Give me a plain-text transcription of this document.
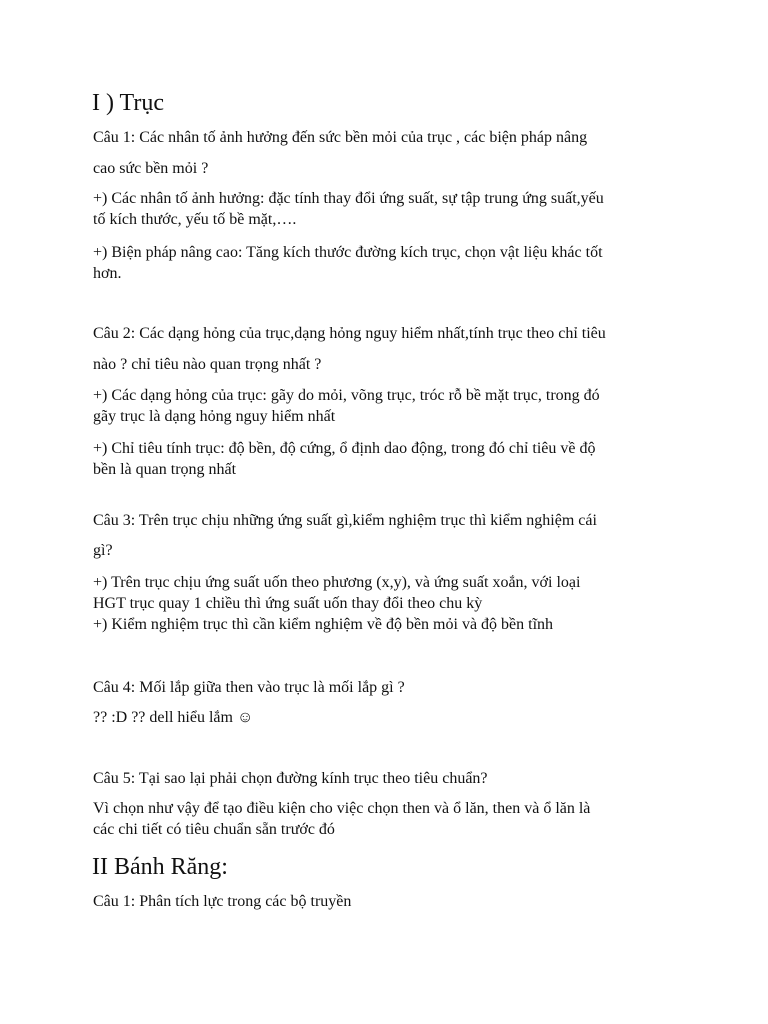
I ) Trục
Câu 1: Các nhân tố ảnh hưởng đến sức bền mỏi của trục , các biện pháp nâng
cao sức bền mỏi ?
+) Các nhân tố ảnh hưởng: đặc tính thay đổi ứng suất, sự tập trung ứng suất,yếu
tố kích thước, yếu tố bề mặt,….
+) Biện pháp nâng cao: Tăng kích thước đường kích trục, chọn vật liệu khác tốt
hơn.
Câu 2: Các dạng hỏng của trục,dạng hỏng nguy hiểm nhất,tính trục theo chỉ tiêu
nào ? chỉ tiêu nào quan trọng nhất ?
+) Các dạng hỏng của trục: gãy do mỏi, võng trục, tróc rỗ bề mặt trục, trong đó
gãy trục là dạng hỏng nguy hiểm nhất
+) Chỉ tiêu tính trục: độ bền, độ cứng, ổ định dao động, trong đó chỉ tiêu về độ
bền là quan trọng nhất
Câu 3: Trên trục chịu những ứng suất gì,kiểm nghiệm trục thì kiểm nghiệm cái
gì?
+) Trên trục chịu ứng suất uốn theo phương (x,y), và ứng suất xoắn, với loại
HGT trục quay 1 chiều thì ứng suất uốn thay đổi theo chu kỳ
+) Kiểm nghiệm trục thì cần kiểm nghiệm về độ bền mỏi và độ bền tĩnh
Câu 4: Mối lắp giữa then vào trục là mối lắp gì ?
?? :D ?? dell hiểu lắm ☺
Câu 5: Tại sao lại phải chọn đường kính trục theo tiêu chuẩn?
Vì chọn như vậy để tạo điều kiện cho việc chọn then và ổ lăn, then và ổ lăn là
các chi tiết có tiêu chuẩn sẵn trước đó
II Bánh Răng:
Câu 1: Phân tích lực trong các bộ truyền
